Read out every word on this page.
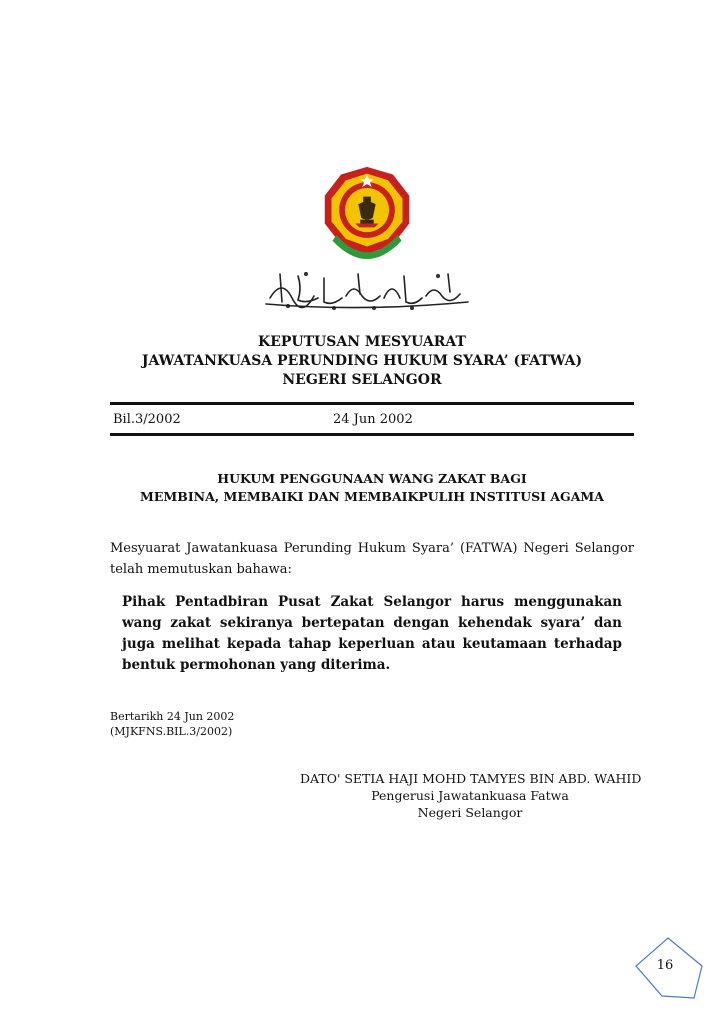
KEPUTUSAN MESYUARAT
JAWATANKUASA PERUNDING HUKUM SYARA’ (FATWA)
NEGERI SELANGOR
Bil.3/2002	24 Jun 2002
HUKUM PENGGUNAAN WANG ZAKAT BAGI
MEMBINA, MEMBAIKI DAN MEMBAIKPULIH INSTITUSI AGAMA
Mesyuarat Jawatankuasa Perunding Hukum Syara’ (FATWA) Negeri Selangor telah memutuskan bahawa:
Pihak Pentadbiran Pusat Zakat Selangor harus menggunakan wang zakat sekiranya bertepatan dengan kehendak syara’ dan juga melihat kepada tahap keperluan atau keutamaan terhadap bentuk permohonan yang diterima.
Bertarikh 24 Jun 2002
(MJKFNS.BIL.3/2002)
DATO' SETIA HAJI MOHD TAMYES BIN ABD. WAHID
Pengerusi Jawatankuasa Fatwa
Negeri Selangor
16
